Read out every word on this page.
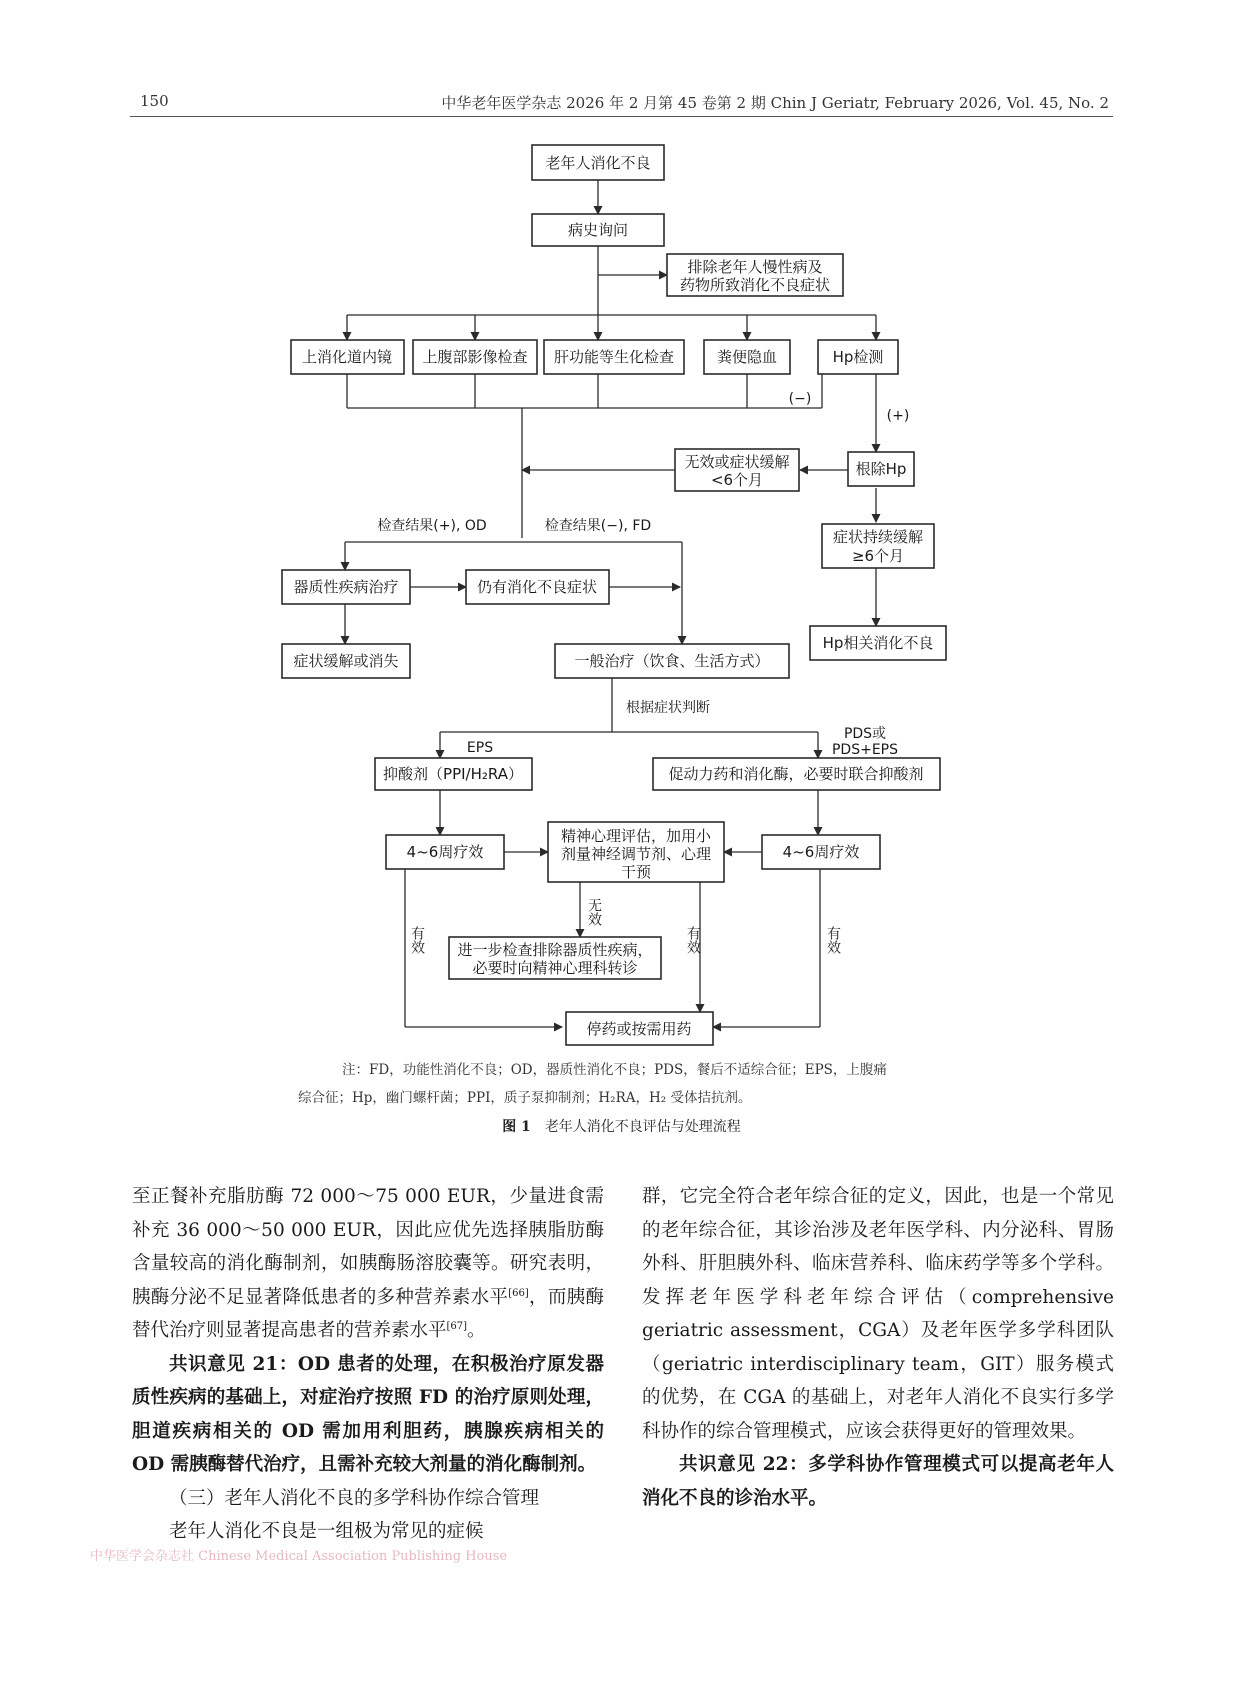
150	中华老年医学杂志 2026 年 2 月第 45 卷第 2 期 Chin J Geriatr, February 2026, Vol. 45, No. 2
老年人消化不良
病史询问
排除老年人慢性病及
药物所致消化不良症状
上消化道内镜 上腹部影像检查 肝功能等生化检查	粪便隐血	Hp检测
(−)
(+)
根除Hp
无效或症状缓解
<6个月
症状持续缓解
≥6个月
Hp相关消化不良
检查结果(+), OD	检查结果(−), FD
器质性疾病治疗	仍有消化不良症状
症状缓解或消失	一般治疗（饮食、生活方式）
根据症状判断
EPS
PDS或
PDS+EPS
抑酸剂（PPI/H₂RA）	促动力药和消化酶，必要时联合抑酸剂
4~6周疗效
精神心理评估，加用小
剂量神经调节剂、心理
干预
4~6周疗效
无效
有效	有效	有效
进一步检查排除器质性疾病，
必要时向精神心理科转诊
停药或按需用药
注：FD，功能性消化不良；OD，器质性消化不良；PDS，餐后不适综合征；EPS，上腹痛
综合征；Hp，幽门螺杆菌；PPI，质子泵抑制剂；H₂RA，H₂ 受体拮抗剂。
图 1 老年人消化不良评估与处理流程

至正餐补充脂肪酶 72 000～75 000 EUR，少量进食需补充 36 000～50 000 EUR，因此应优先选择胰脂肪酶含量较高的消化酶制剂，如胰酶肠溶胶囊等。研究表明，胰酶分泌不足显著降低患者的多种营养素水平[66]，而胰酶替代治疗则显著提高患者的营养素水平[67]。

共识意见 21：OD 患者的处理，在积极治疗原发器质性疾病的基础上，对症治疗按照 FD 的治疗原则处理，胆道疾病相关的 OD 需加用利胆药，胰腺疾病相关的 OD 需胰酶替代治疗，且需补充较大剂量的消化酶制剂。

（三）老年人消化不良的多学科协作综合管理

老年人消化不良是一组极为常见的症候

群，它完全符合老年综合征的定义，因此，也是一个常见的老年综合征，其诊治涉及老年医学科、内分泌科、胃肠外科、肝胆胰外科、临床营养科、临床药学等多个学科。发挥老年医学科老年综合评估（comprehensive geriatric assessment，CGA）及老年医学多学科团队（geriatric interdisciplinary team，GIT）服务模式的优势，在 CGA 的基础上，对老年人消化不良实行多学科协作的综合管理模式，应该会获得更好的管理效果。

共识意见 22：多学科协作管理模式可以提高老年人消化不良的诊治水平。

中华医学会杂志社 Chinese Medical Association Publishing House
